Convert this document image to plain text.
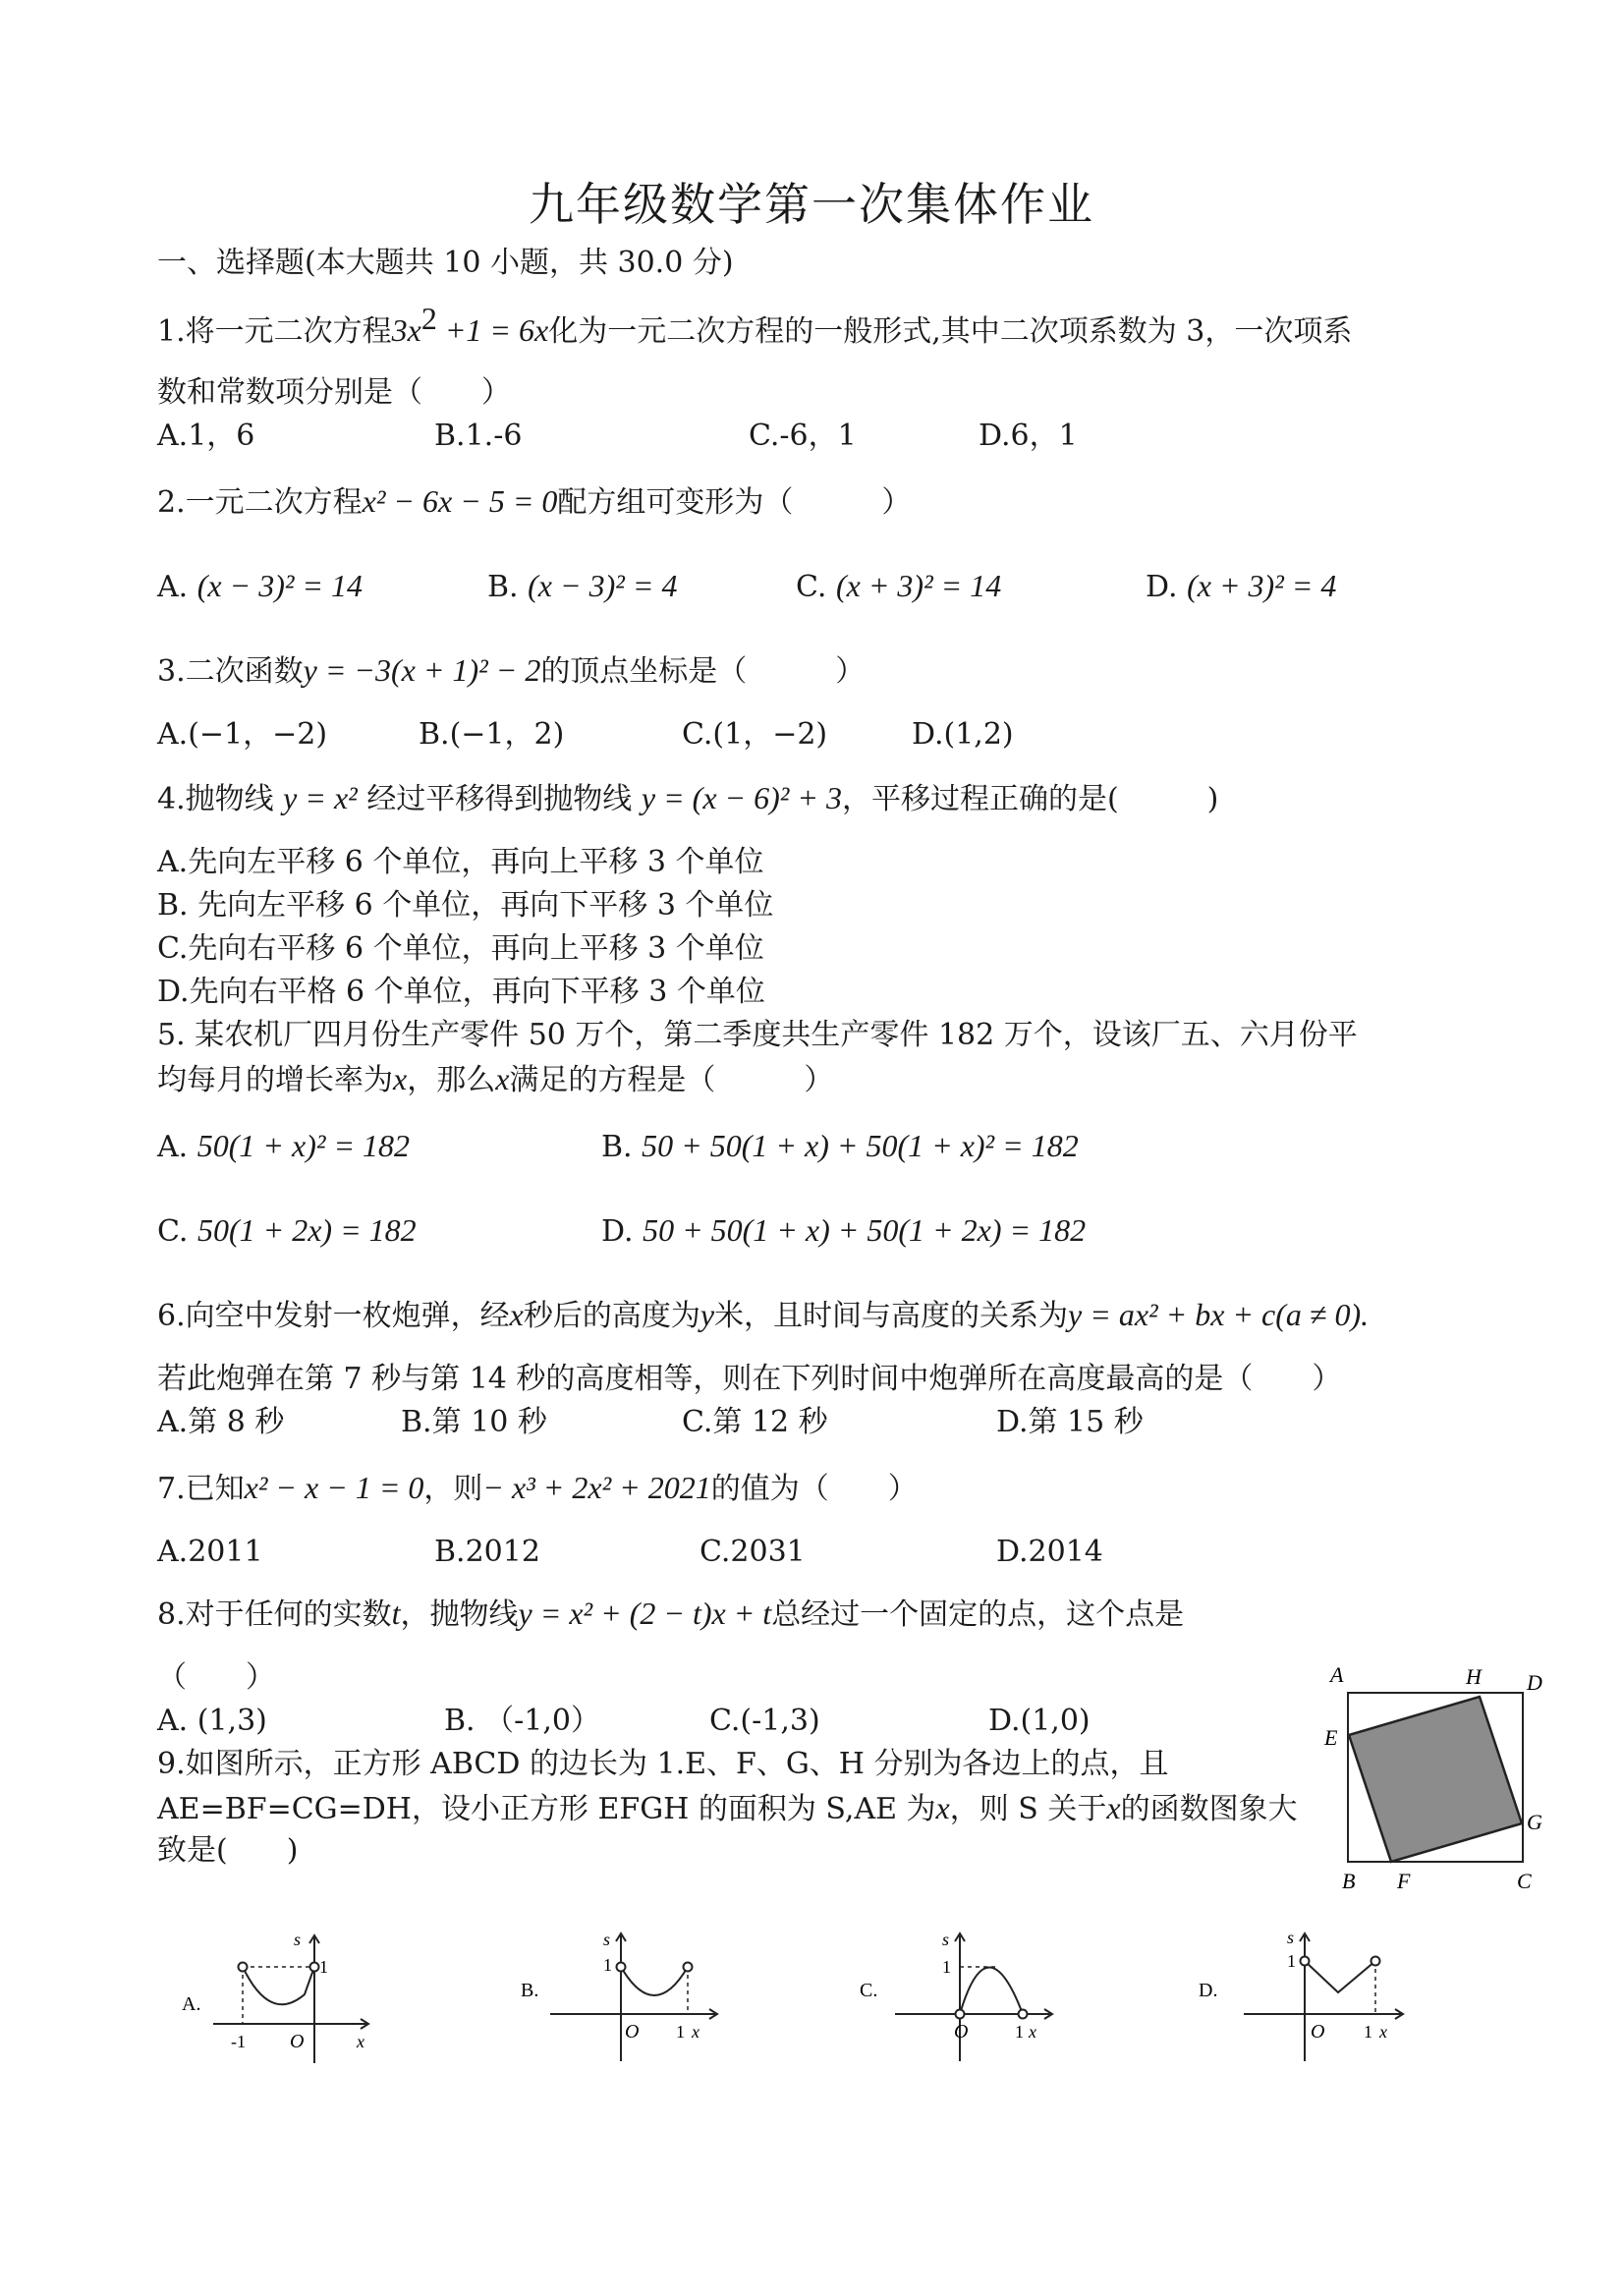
九年级数学第一次集体作业
一、选择题(本大题共 10 小题，共 30.0 分)
1.将一元二次方程$3x^2 +1 = 6x$化为一元二次方程的一般形式,其中二次项系数为 3，一次项系
数和常数项分别是（　　）
A.1，6	B.1.-6	C.-6，1	D.6，1
2.一元二次方程x² − 6x − 5 = 0配方组可变形为（　　　）
A. (x − 3)² = 14	B. (x − 3)² = 4	C. (x + 3)² = 14	D. (x + 3)² = 4
3.二次函数y = −3(x + 1)² − 2的顶点坐标是（　　　）
A.(−1，−2)	B.(−1，2)	C.(1，−2)	D.(1,2)
4.抛物线 y = x² 经过平移得到抛物线 y = (x − 6)² + 3，平移过程正确的是(　　　)
A.先向左平移 6 个单位，再向上平移 3 个单位
B. 先向左平移 6 个单位，再向下平移 3 个单位
C.先向右平移 6 个单位，再向上平移 3 个单位
D.先向右平格 6 个单位，再向下平移 3 个单位
5. 某农机厂四月份生产零件 50 万个，第二季度共生产零件 182 万个，设该厂五、六月份平
均每月的增长率为x，那么x满足的方程是（　　　）
A. 50(1 + x)² = 182	B. 50 + 50(1 + x) + 50(1 + x)² = 182
C. 50(1 + 2x) = 182	D. 50 + 50(1 + x) + 50(1 + 2x) = 182
6.向空中发射一枚炮弹，经x秒后的高度为y米，且时间与高度的关系为y = ax² + bx + c(a ≠ 0).
若此炮弹在第 7 秒与第 14 秒的高度相等，则在下列时间中炮弹所在高度最高的是（　　）
A.第 8 秒	B.第 10 秒	C.第 12 秒	D.第 15 秒
7.已知x² − x − 1 = 0，则− x³ + 2x² + 2021的值为（　　）
A.2011	B.2012	C.2031	D.2014
8.对于任何的实数t，抛物线y = x² + (2 − t)x + t总经过一个固定的点，这个点是
（　　）
A. (1,3)	B. （-1,0）	C.(-1,3)	D.(1,0)
9.如图所示，正方形 ABCD 的边长为 1.E、F、G、H 分别为各边上的点，且
AE=BF=CG=DH，设小正方形 EFGH 的面积为 S,AE 为x，则 S 关于x的函数图象大
致是(　　)
A	H D
E
G
B F	C
A.
s
1
-1 O	x
B.
s
1
O 1 x
C.
s
1
O	1 x
D.
s
1
O 1 x
